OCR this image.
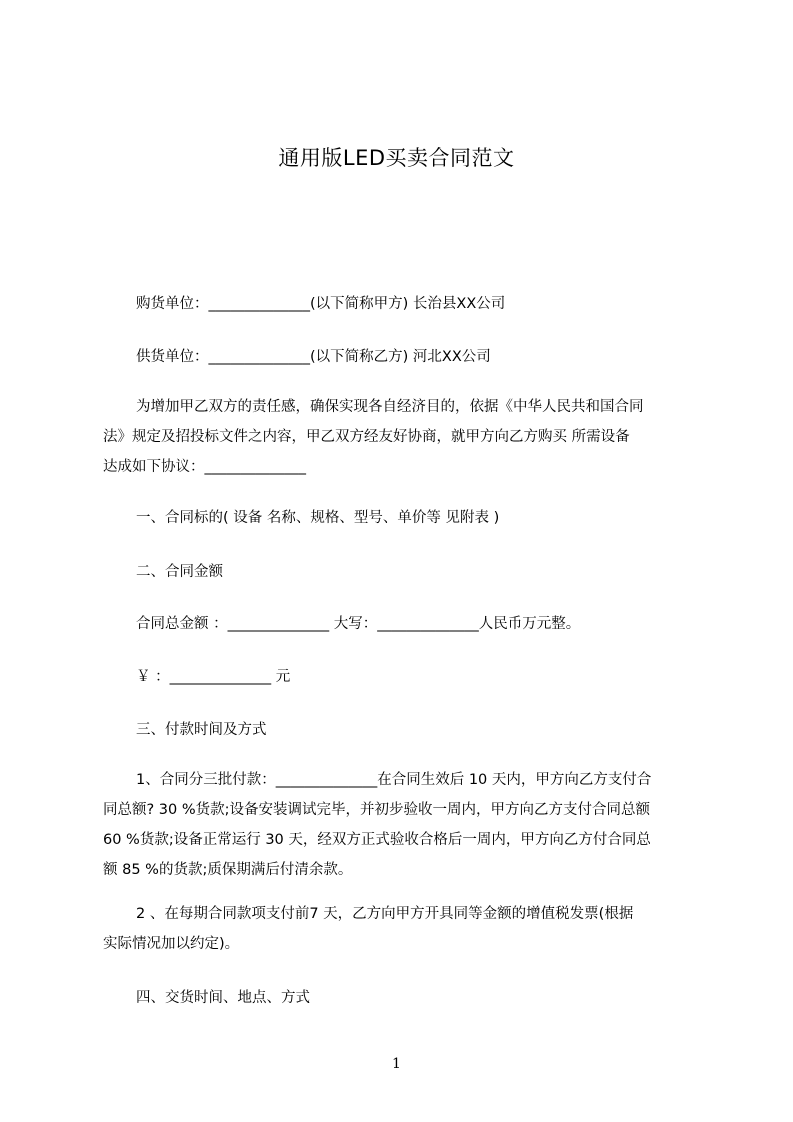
通用版LED买卖合同范文
购货单位：______________(以下简称甲方) 长治县XX公司
供货单位：______________(以下简称乙方) 河北XX公司
为增加甲乙双方的责任感，确保实现各自经济目的，依据《中华人民共和国合同
法》规定及招投标文件之内容，甲乙双方经友好协商，就甲方向乙方购买 所需设备
达成如下协议：______________
一、合同标的( 设备 名称、规格、型号、单价等 见附表 )
二、合同金额
合同总金额 ：______________ 大写：______________人民币万元整。
￥ ：______________ 元
三、付款时间及方式
1、合同分三批付款：______________在合同生效后 10 天内，甲方向乙方支付合
同总额? 30 %货款;设备安装调试完毕，并初步验收一周内，甲方向乙方支付合同总额
60 %货款;设备正常运行 30 天，经双方正式验收合格后一周内，甲方向乙方付合同总
额 85 %的货款;质保期满后付清余款。
2 、在每期合同款项支付前7 天，乙方向甲方开具同等金额的增值税发票(根据
实际情况加以约定)。
四、交货时间、地点、方式
1
